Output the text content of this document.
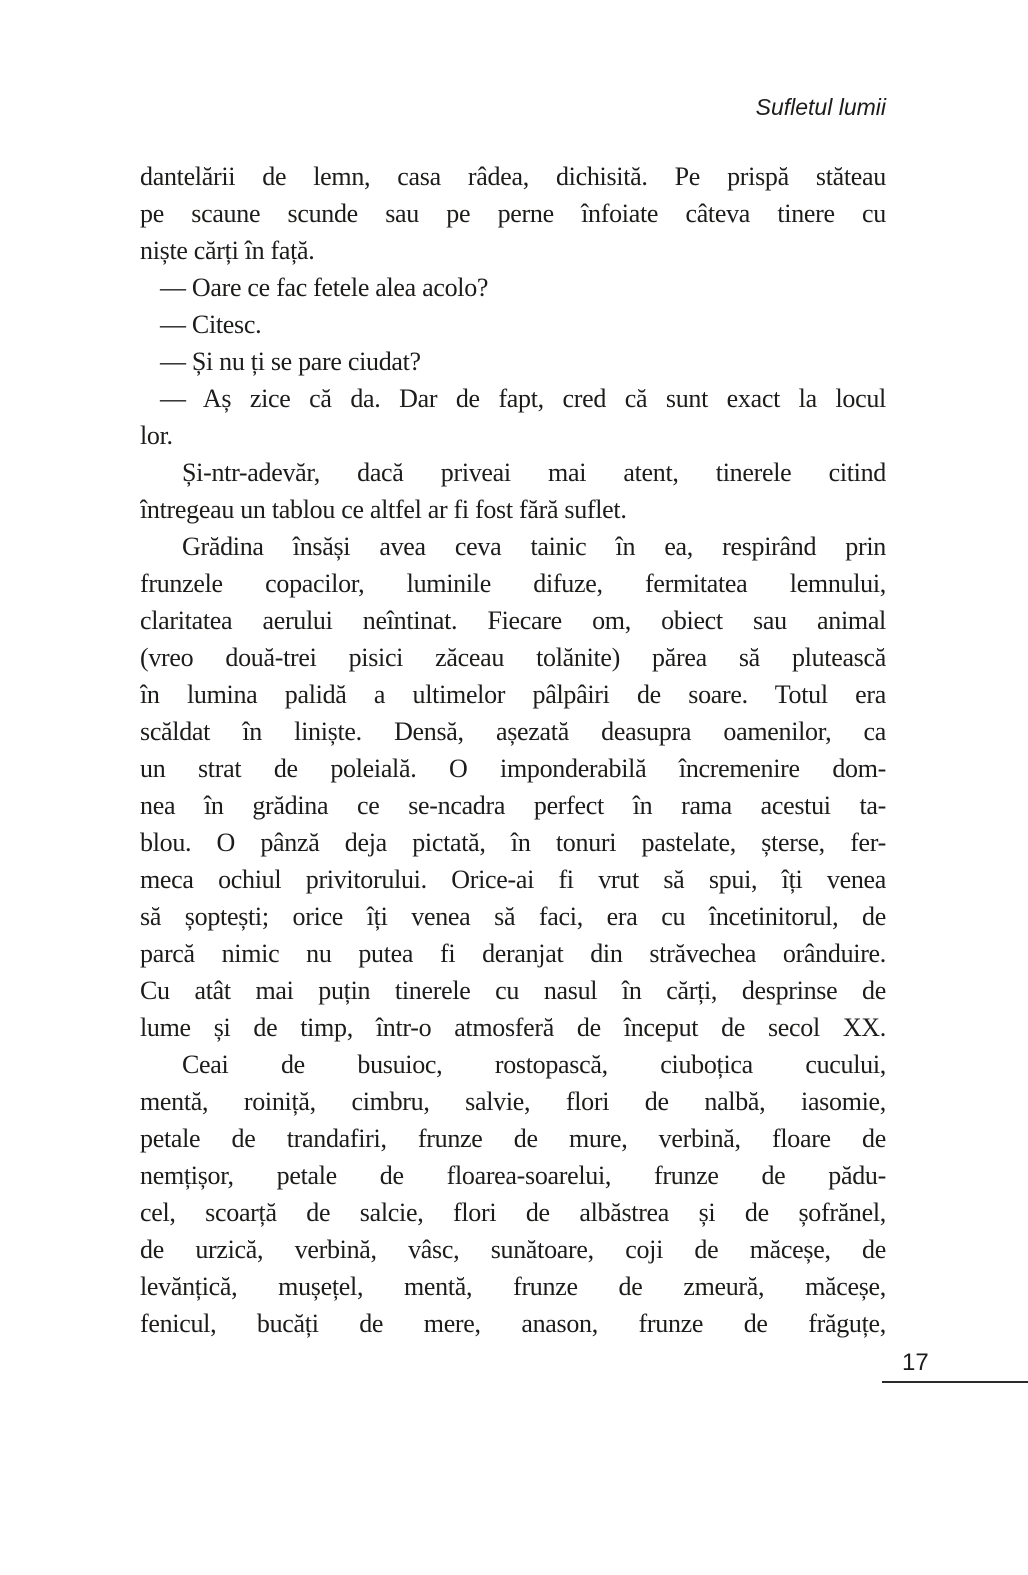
Sufletul lumii
dantelării de lemn, casa râdea, dichisită. Pe prispă stăteau
pe scaune scunde sau pe perne înfoiate câteva tinere cu
niște cărți în față.
— Oare ce fac fetele alea acolo?
— Citesc.
— Și nu ți se pare ciudat?
— Aș zice că da. Dar de fapt, cred că sunt exact la locul
lor.
Și-ntr-adevăr, dacă priveai mai atent, tinerele citind
întregeau un tablou ce altfel ar fi fost fără suflet.
Grădina însăși avea ceva tainic în ea, respirând prin
frunzele copacilor, luminile difuze, fermitatea lemnului,
claritatea aerului neîntinat. Fiecare om, obiect sau animal
(vreo două-trei pisici zăceau tolănite) părea să plutească
în lumina palidă a ultimelor pâlpâiri de soare. Totul era
scăldat în liniște. Densă, așezată deasupra oamenilor, ca
un strat de poleială. O imponderabilă încremenire dom-
nea în grădina ce se-ncadra perfect în rama acestui ta-
blou. O pânză deja pictată, în tonuri pastelate, șterse, fer-
meca ochiul privitorului. Orice-ai fi vrut să spui, îți venea
să șoptești; orice îți venea să faci, era cu încetinitorul, de
parcă nimic nu putea fi deranjat din străvechea orânduire.
Cu atât mai puțin tinerele cu nasul în cărți, desprinse de
lume și de timp, într-o atmosferă de început de secol XX.
Ceai de busuioc, rostopască, ciuboțica cucului,
mentă, roiniță, cimbru, salvie, flori de nalbă, iasomie,
petale de trandafiri, frunze de mure, verbină, floare de
nemțișor, petale de floarea-soarelui, frunze de pădu-
cel, scoarță de salcie, flori de albăstrea și de șofrănel,
de urzică, verbină, vâsc, sunătoare, coji de măceșe, de
levănțică, mușețel, mentă, frunze de zmeură, măceșe,
fenicul, bucăți de mere, anason, frunze de frăguțe,
17
